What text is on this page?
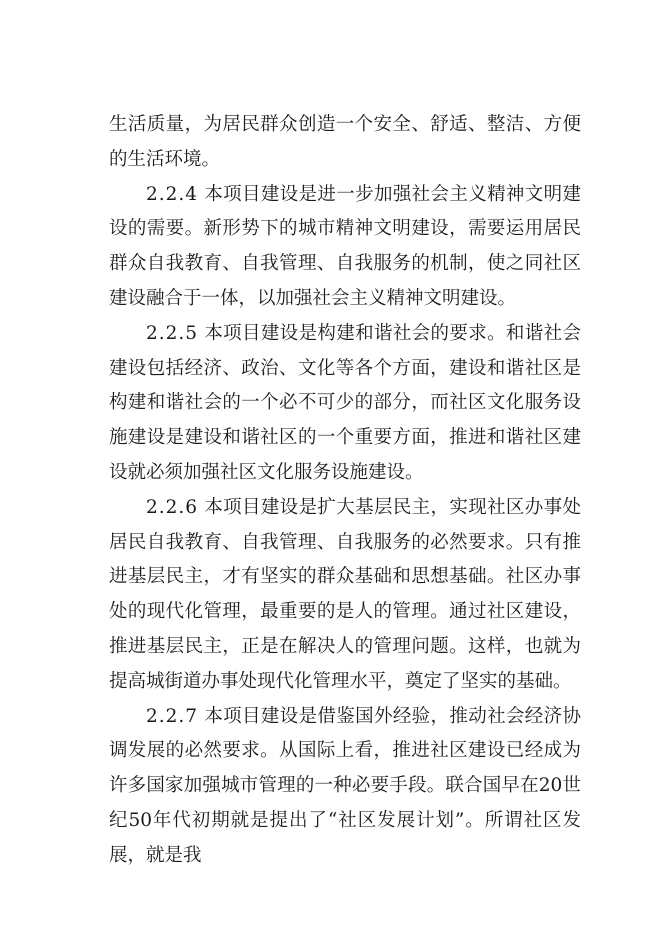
生活质量，为居民群众创造一个安全、舒适、整洁、方便的生活环境。

2.2.4 本项目建设是进一步加强社会主义精神文明建设的需要。新形势下的城市精神文明建设，需要运用居民群众自我教育、自我管理、自我服务的机制，使之同社区建设融合于一体，以加强社会主义精神文明建设。

2.2.5 本项目建设是构建和谐社会的要求。和谐社会建设包括经济、政治、文化等各个方面，建设和谐社区是构建和谐社会的一个必不可少的部分，而社区文化服务设施建设是建设和谐社区的一个重要方面，推进和谐社区建设就必须加强社区文化服务设施建设。

2.2.6 本项目建设是扩大基层民主，实现社区办事处居民自我教育、自我管理、自我服务的必然要求。只有推进基层民主，才有坚实的群众基础和思想基础。社区办事处的现代化管理，最重要的是人的管理。通过社区建设，推进基层民主，正是在解决人的管理问题。这样，也就为提高城街道办事处现代化管理水平，奠定了坚实的基础。

2.2.7 本项目建设是借鉴国外经验，推动社会经济协调发展的必然要求。从国际上看，推进社区建设已经成为许多国家加强城市管理的一种必要手段。联合国早在20世纪50年代初期就是提出了“社区发展计划”。所谓社区发展，就是我
